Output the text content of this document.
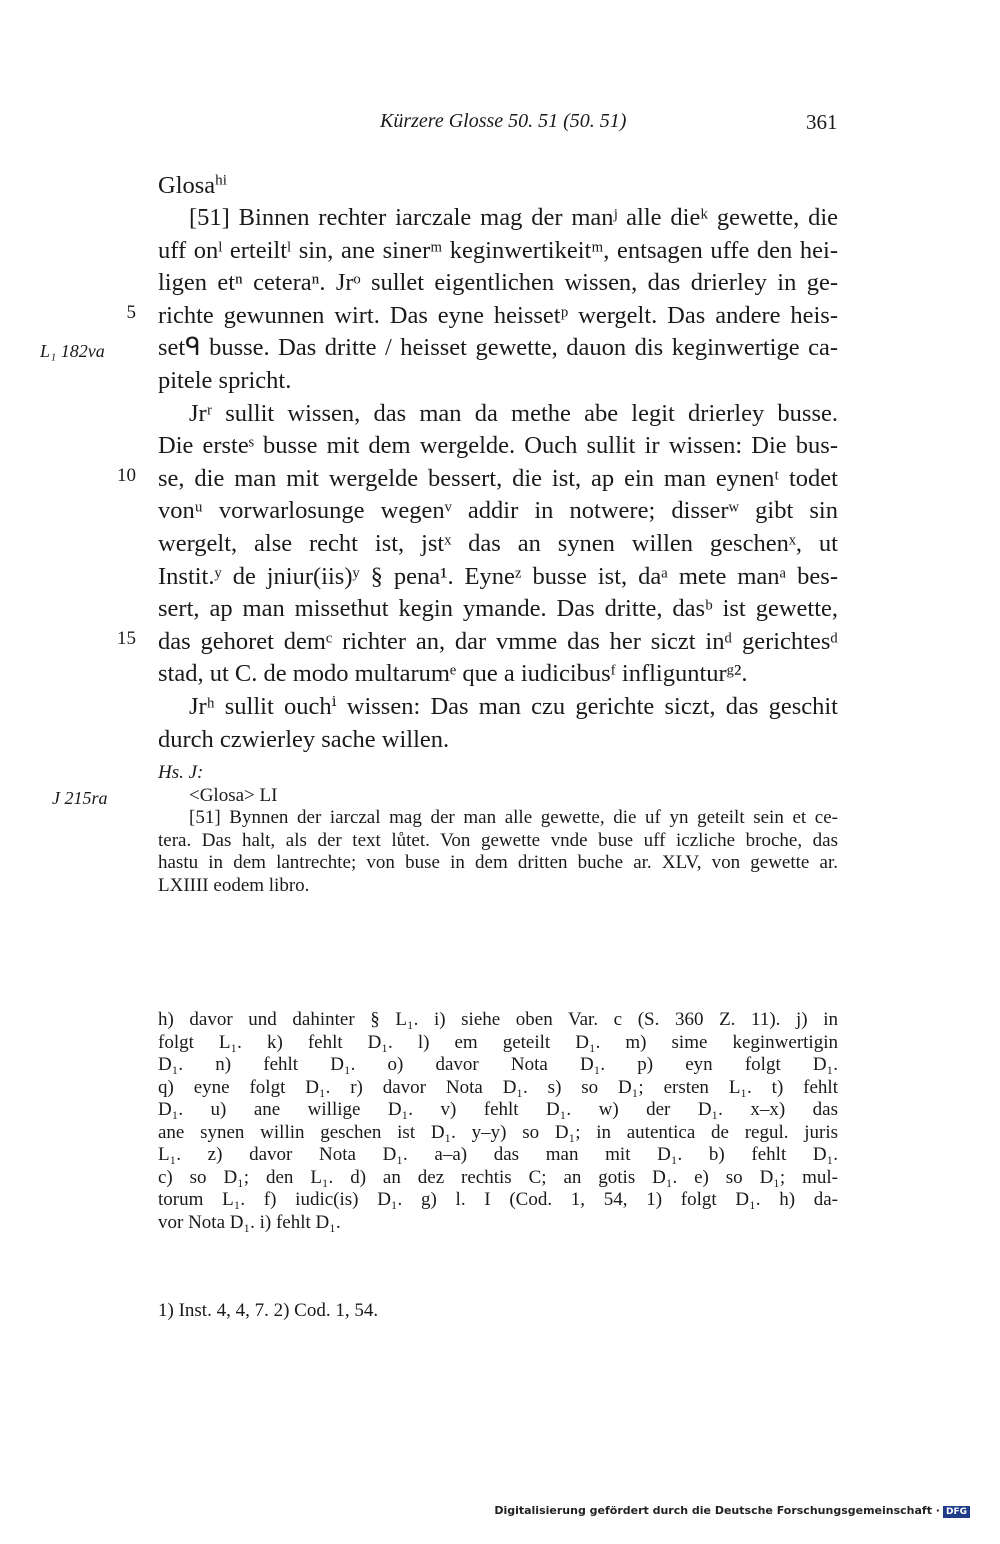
Kürzere Glosse 50. 51 (50. 51)	361
Glosa$^{hi}$
[51] Binnen rechter iarczale mag der manʲ alle dieᵏ gewette, die
uff onˡ erteiltˡ sin, ane sinerᵐ keginwertikeitᵐ, entsagen uffe den hei-
ligen etⁿ ceteraⁿ. Jrᵒ sullet eigentlichen wissen, das drierley in ge-
richte gewunnen wirt. Das eyne heissetᵖ wergelt. Das andere heis-
setᑫ busse. Das dritte / heisset gewette, dauon dis keginwertige ca-
pitele spricht.
Jrʳ sullit wissen, das man da methe abe legit drierley busse.
Die ersteˢ busse mit dem wergelde. Ouch sullit ir wissen: Die bus-
se, die man mit wergelde bessert, die ist, ap ein man eynenᵗ todet
vonᵘ vorwarlosunge wegenᵛ addir in notwere; disserʷ gibt sin
wergelt, alse recht ist, jstˣ das an synen willen geschenˣ, ut
Instit.ʸ de jniur(iis)ʸ § pena¹. Eyneᶻ busse ist, daᵃ mete manᵃ bes-
sert, ap man missethut kegin ymande. Das dritte, dasᵇ ist gewette,
das gehoret demᶜ richter an, dar vmme das her siczt inᵈ gerichtesᵈ
stad, ut C. de modo multarumᵉ que a iudicibusᶠ infligunturᵍ².
Jrʰ sullit ouchⁱ wissen: Das man czu gerichte siczt, das geschit
durch czwierley sache willen.
5
10
15
L₁ 182va
J 215ra
Hs. J:
<Glosa> LI
[51] Bynnen der iarczal mag der man alle gewette, die uf yn geteilt sein et ce-
tera. Das halt, als der text lůtet. Von gewette vnde buse uff iczliche broche, das
hastu in dem lantrechte; von buse in dem dritten buche ar. XLV, von gewette ar.
LXIIII eodem libro.
h) davor und dahinter § L₁. i) siehe oben Var. c (S. 360 Z. 11). j) in
folgt L₁. k) fehlt D₁. l) em geteilt D₁. m) sime keginwertigin
D₁. n) fehlt D₁. o) davor Nota D₁. p) eyn folgt D₁.
q) eyne folgt D₁. r) davor Nota D₁. s) so D₁; ersten L₁. t) fehlt
D₁. u) ane willige D₁. v) fehlt D₁. w) der D₁. x–x) das
ane synen willin geschen ist D₁. y–y) so D₁; in autentica de regul. juris
L₁. z) davor Nota D₁. a–a) das man mit D₁. b) fehlt D₁.
c) so D₁; den L₁. d) an dez rechtis C; an gotis D₁. e) so D₁; mul-
torum L₁. f) iudic(is) D₁. g) l. I (Cod. 1, 54, 1) folgt D₁. h) da-
vor Nota D₁. i) fehlt D₁.
1) Inst. 4, 4, 7. 2) Cod. 1, 54.
Digitalisierung gefördert durch die Deutsche Forschungsgemeinschaft · DFG
